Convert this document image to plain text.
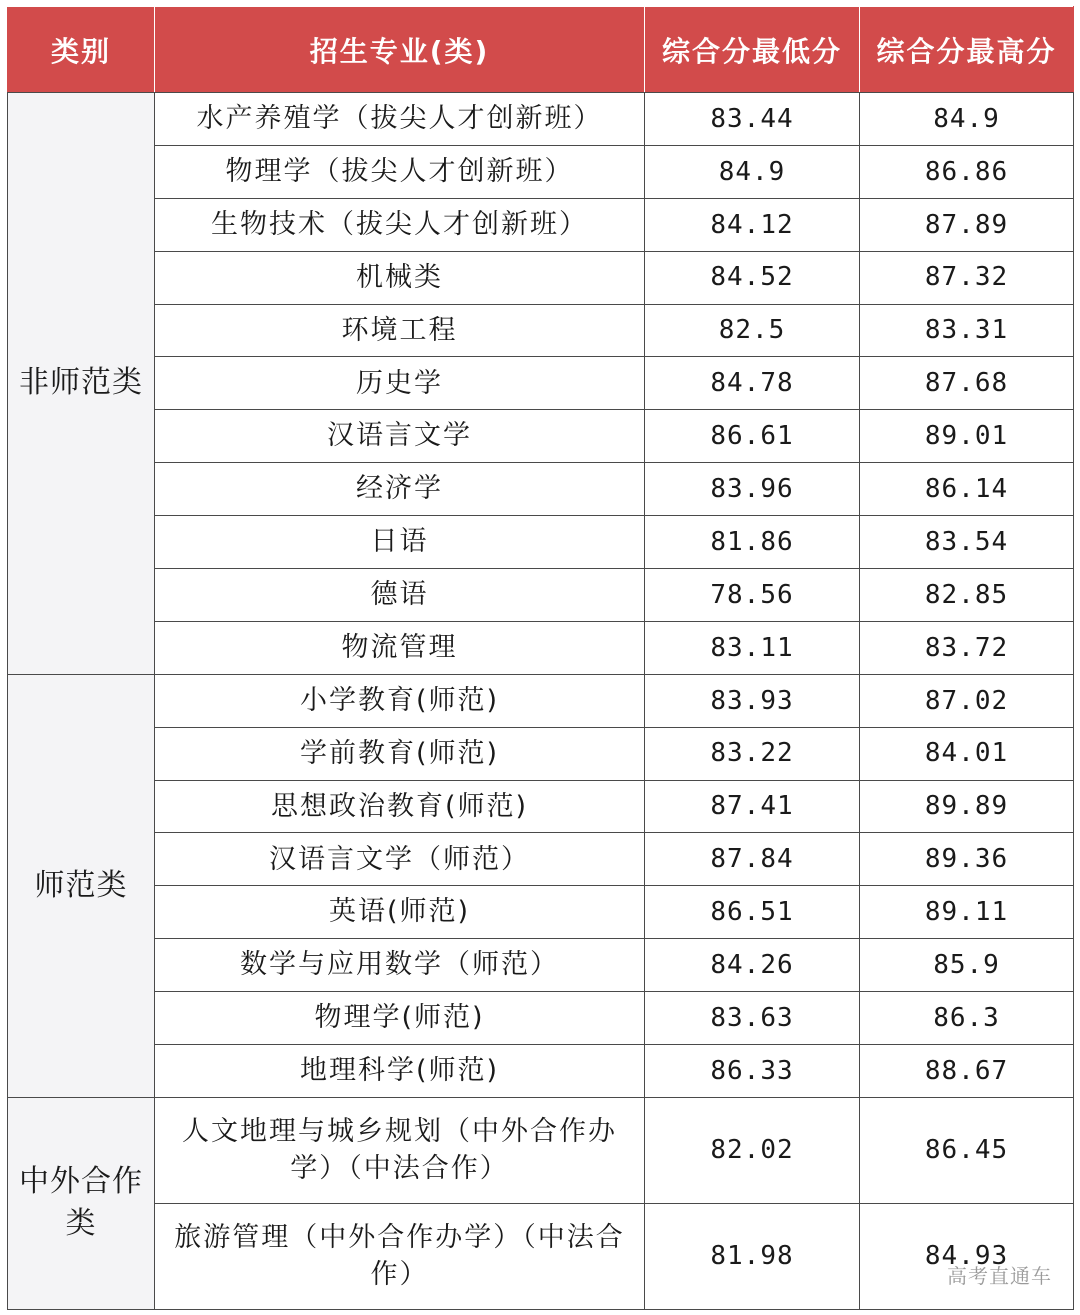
类别	招生专业(类)	综合分最低分	综合分最高分
非师范类	水产养殖学（拔尖人才创新班）	83.44	84.9
	物理学（拔尖人才创新班）	84.9	86.86
	生物技术（拔尖人才创新班）	84.12	87.89
	机械类	84.52	87.32
	环境工程	82.5	83.31
	历史学	84.78	87.68
	汉语言文学	86.61	89.01
	经济学	83.96	86.14
	日语	81.86	83.54
	德语	78.56	82.85
	物流管理	83.11	83.72
师范类	小学教育(师范)	83.93	87.02
	学前教育(师范)	83.22	84.01
	思想政治教育(师范)	87.41	89.89
	汉语言文学（师范）	87.84	89.36
	英语(师范)	86.51	89.11
	数学与应用数学（师范）	84.26	85.9
	物理学(师范)	83.63	86.3
	地理科学(师范)	86.33	88.67
中外合作类	人文地理与城乡规划（中外合作办学）（中法合作）	82.02	86.45
	旅游管理（中外合作办学）（中法合作）	81.98	84.93
高考直通车
